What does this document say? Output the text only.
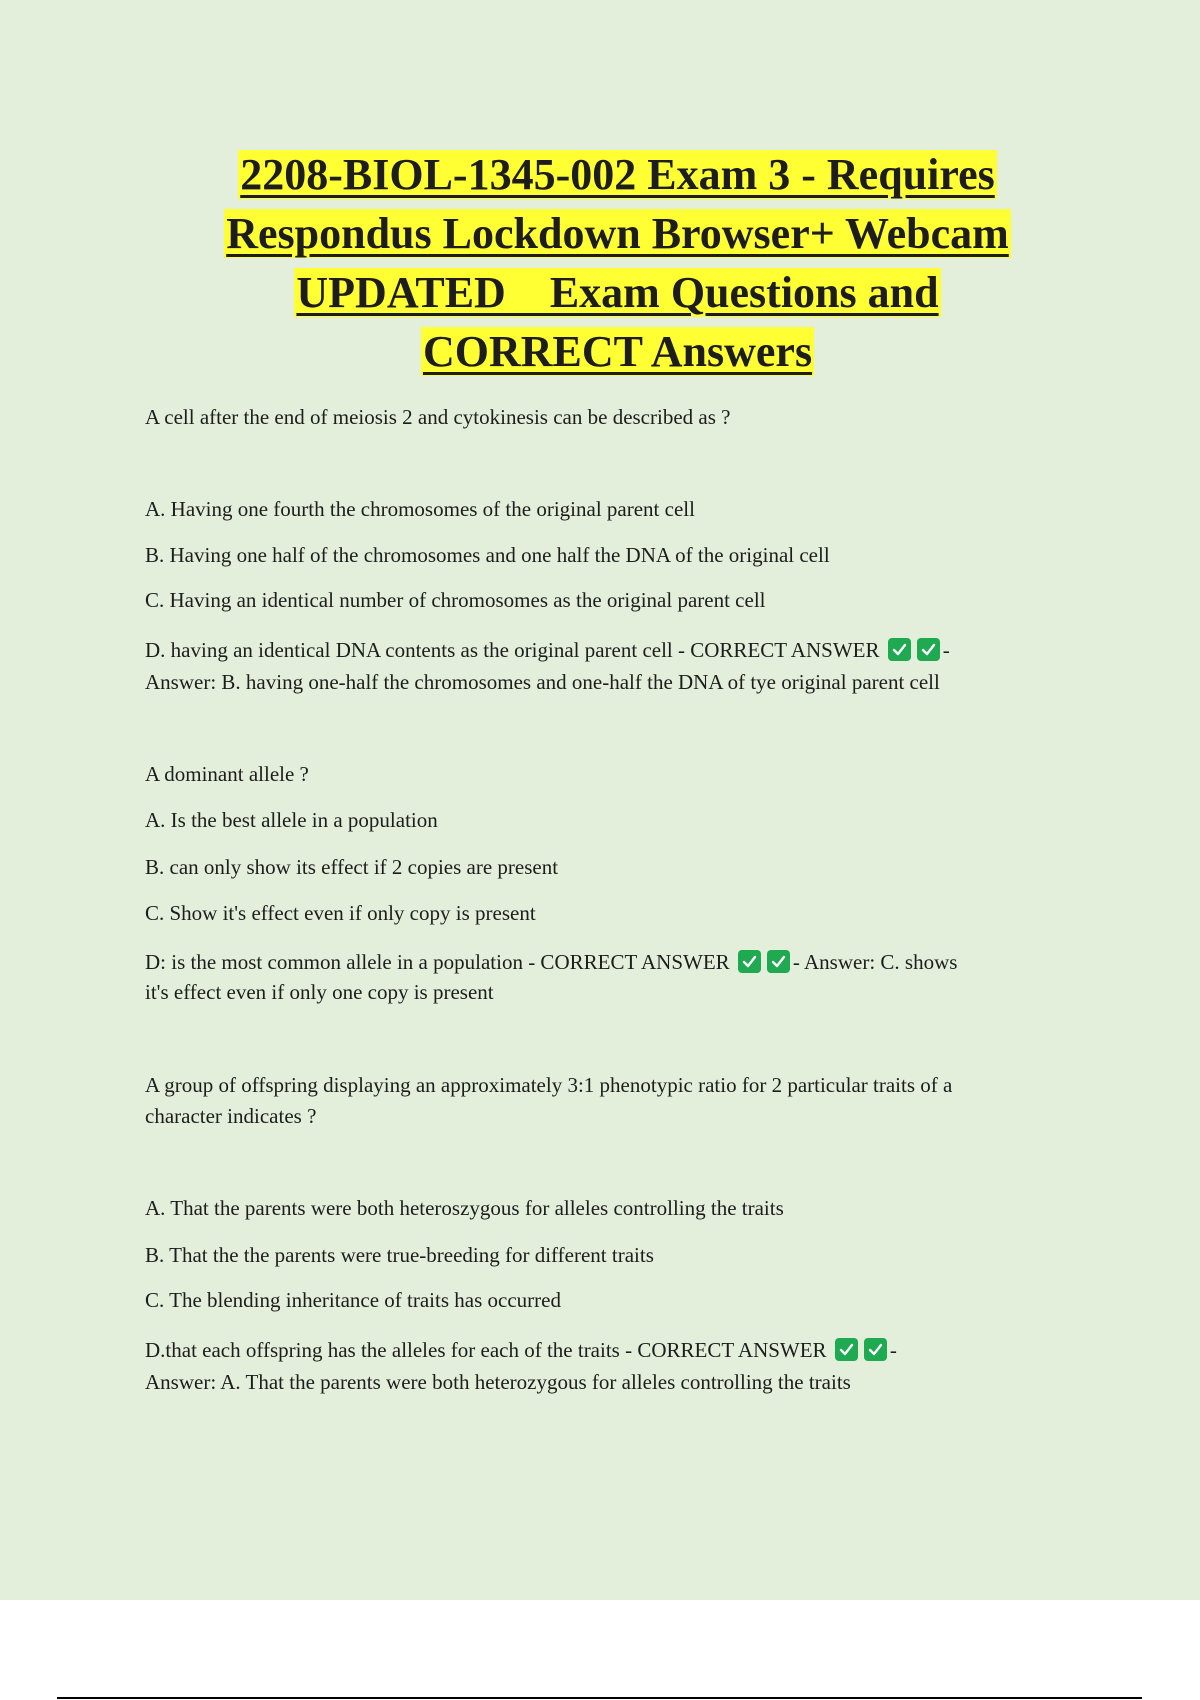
2208-BIOL-1345-002 Exam 3 - Requires
Respondus Lockdown Browser+ Webcam
UPDATED    Exam Questions and
CORRECT Answers
A cell after the end of meiosis 2 and cytokinesis can be described as ?
A. Having one fourth the chromosomes of the original parent cell
B. Having one half of the chromosomes and one half the DNA of the original cell
C. Having an identical number of chromosomes as the original parent cell
D. having an identical DNA contents as the original parent cell - CORRECT ANSWER	-
Answer: B. having one-half the chromosomes and one-half the DNA of tye original parent cell
A dominant allele ?
A. Is the best allele in a population
B. can only show its effect if 2 copies are present
C. Show it's effect even if only copy is present
D: is the most common allele in a population - CORRECT ANSWER	- Answer: C. shows
it's effect even if only one copy is present
A group of offspring displaying an approximately 3:1 phenotypic ratio for 2 particular traits of a
character indicates ?
A. That the parents were both heteroszygous for alleles controlling the traits
B. That the the parents were true-breeding for different traits
C. The blending inheritance of traits has occurred
D.that each offspring has the alleles for each of the traits - CORRECT ANSWER	-
Answer: A. That the parents were both heterozygous for alleles controlling the traits
